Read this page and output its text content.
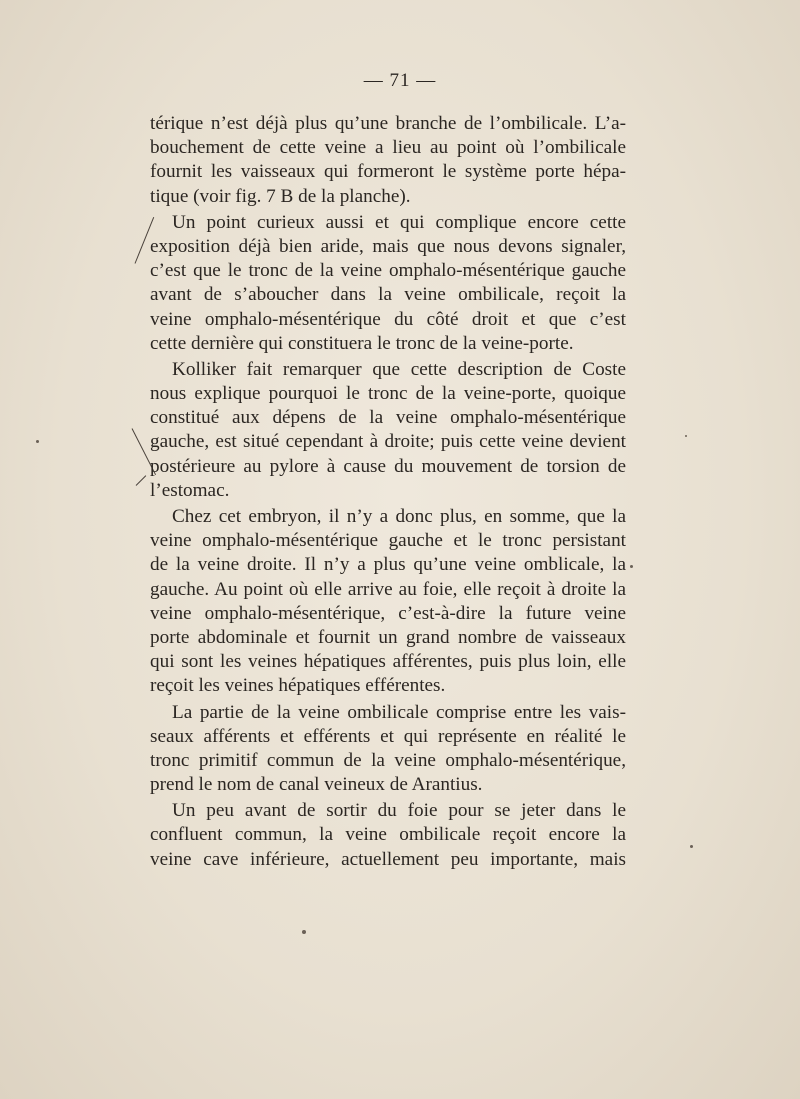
— 71 —
térique n’est déjà plus qu’une branche de l’ombilicale. L’a-
bouchement de cette veine a lieu au point où l’ombilicale
fournit les vaisseaux qui formeront le système porte hépa-
tique (voir fig. 7 B de la planche).
Un point curieux aussi et qui complique encore cette
exposition déjà bien aride, mais que nous devons signaler,
c’est que le tronc de la veine omphalo-mésentérique gauche
avant de s’aboucher dans la veine ombilicale, reçoit la
veine omphalo-mésentérique du côté droit et que c’est
cette dernière qui constituera le tronc de la veine-porte.
Kolliker fait remarquer que cette description de Coste
nous explique pourquoi le tronc de la veine-porte, quoique
constitué aux dépens de la veine omphalo-mésentérique
gauche, est situé cependant à droite; puis cette veine devient
postérieure au pylore à cause du mouvement de torsion de
l’estomac.
Chez cet embryon, il n’y a donc plus, en somme, que la
veine omphalo-mésentérique gauche et le tronc persistant
de la veine droite. Il n’y a plus qu’une veine omblicale, la
gauche. Au point où elle arrive au foie, elle reçoit à droite la
veine omphalo-mésentérique, c’est-à-dire la future veine
porte abdominale et fournit un grand nombre de vaisseaux
qui sont les veines hépatiques afférentes, puis plus loin, elle
reçoit les veines hépatiques efférentes.
La partie de la veine ombilicale comprise entre les vais-
seaux afférents et efférents et qui représente en réalité le
tronc primitif commun de la veine omphalo-mésentérique,
prend le nom de canal veineux de Arantius.
Un peu avant de sortir du foie pour se jeter dans le
confluent commun, la veine ombilicale reçoit encore la
veine cave inférieure, actuellement peu importante, mais
